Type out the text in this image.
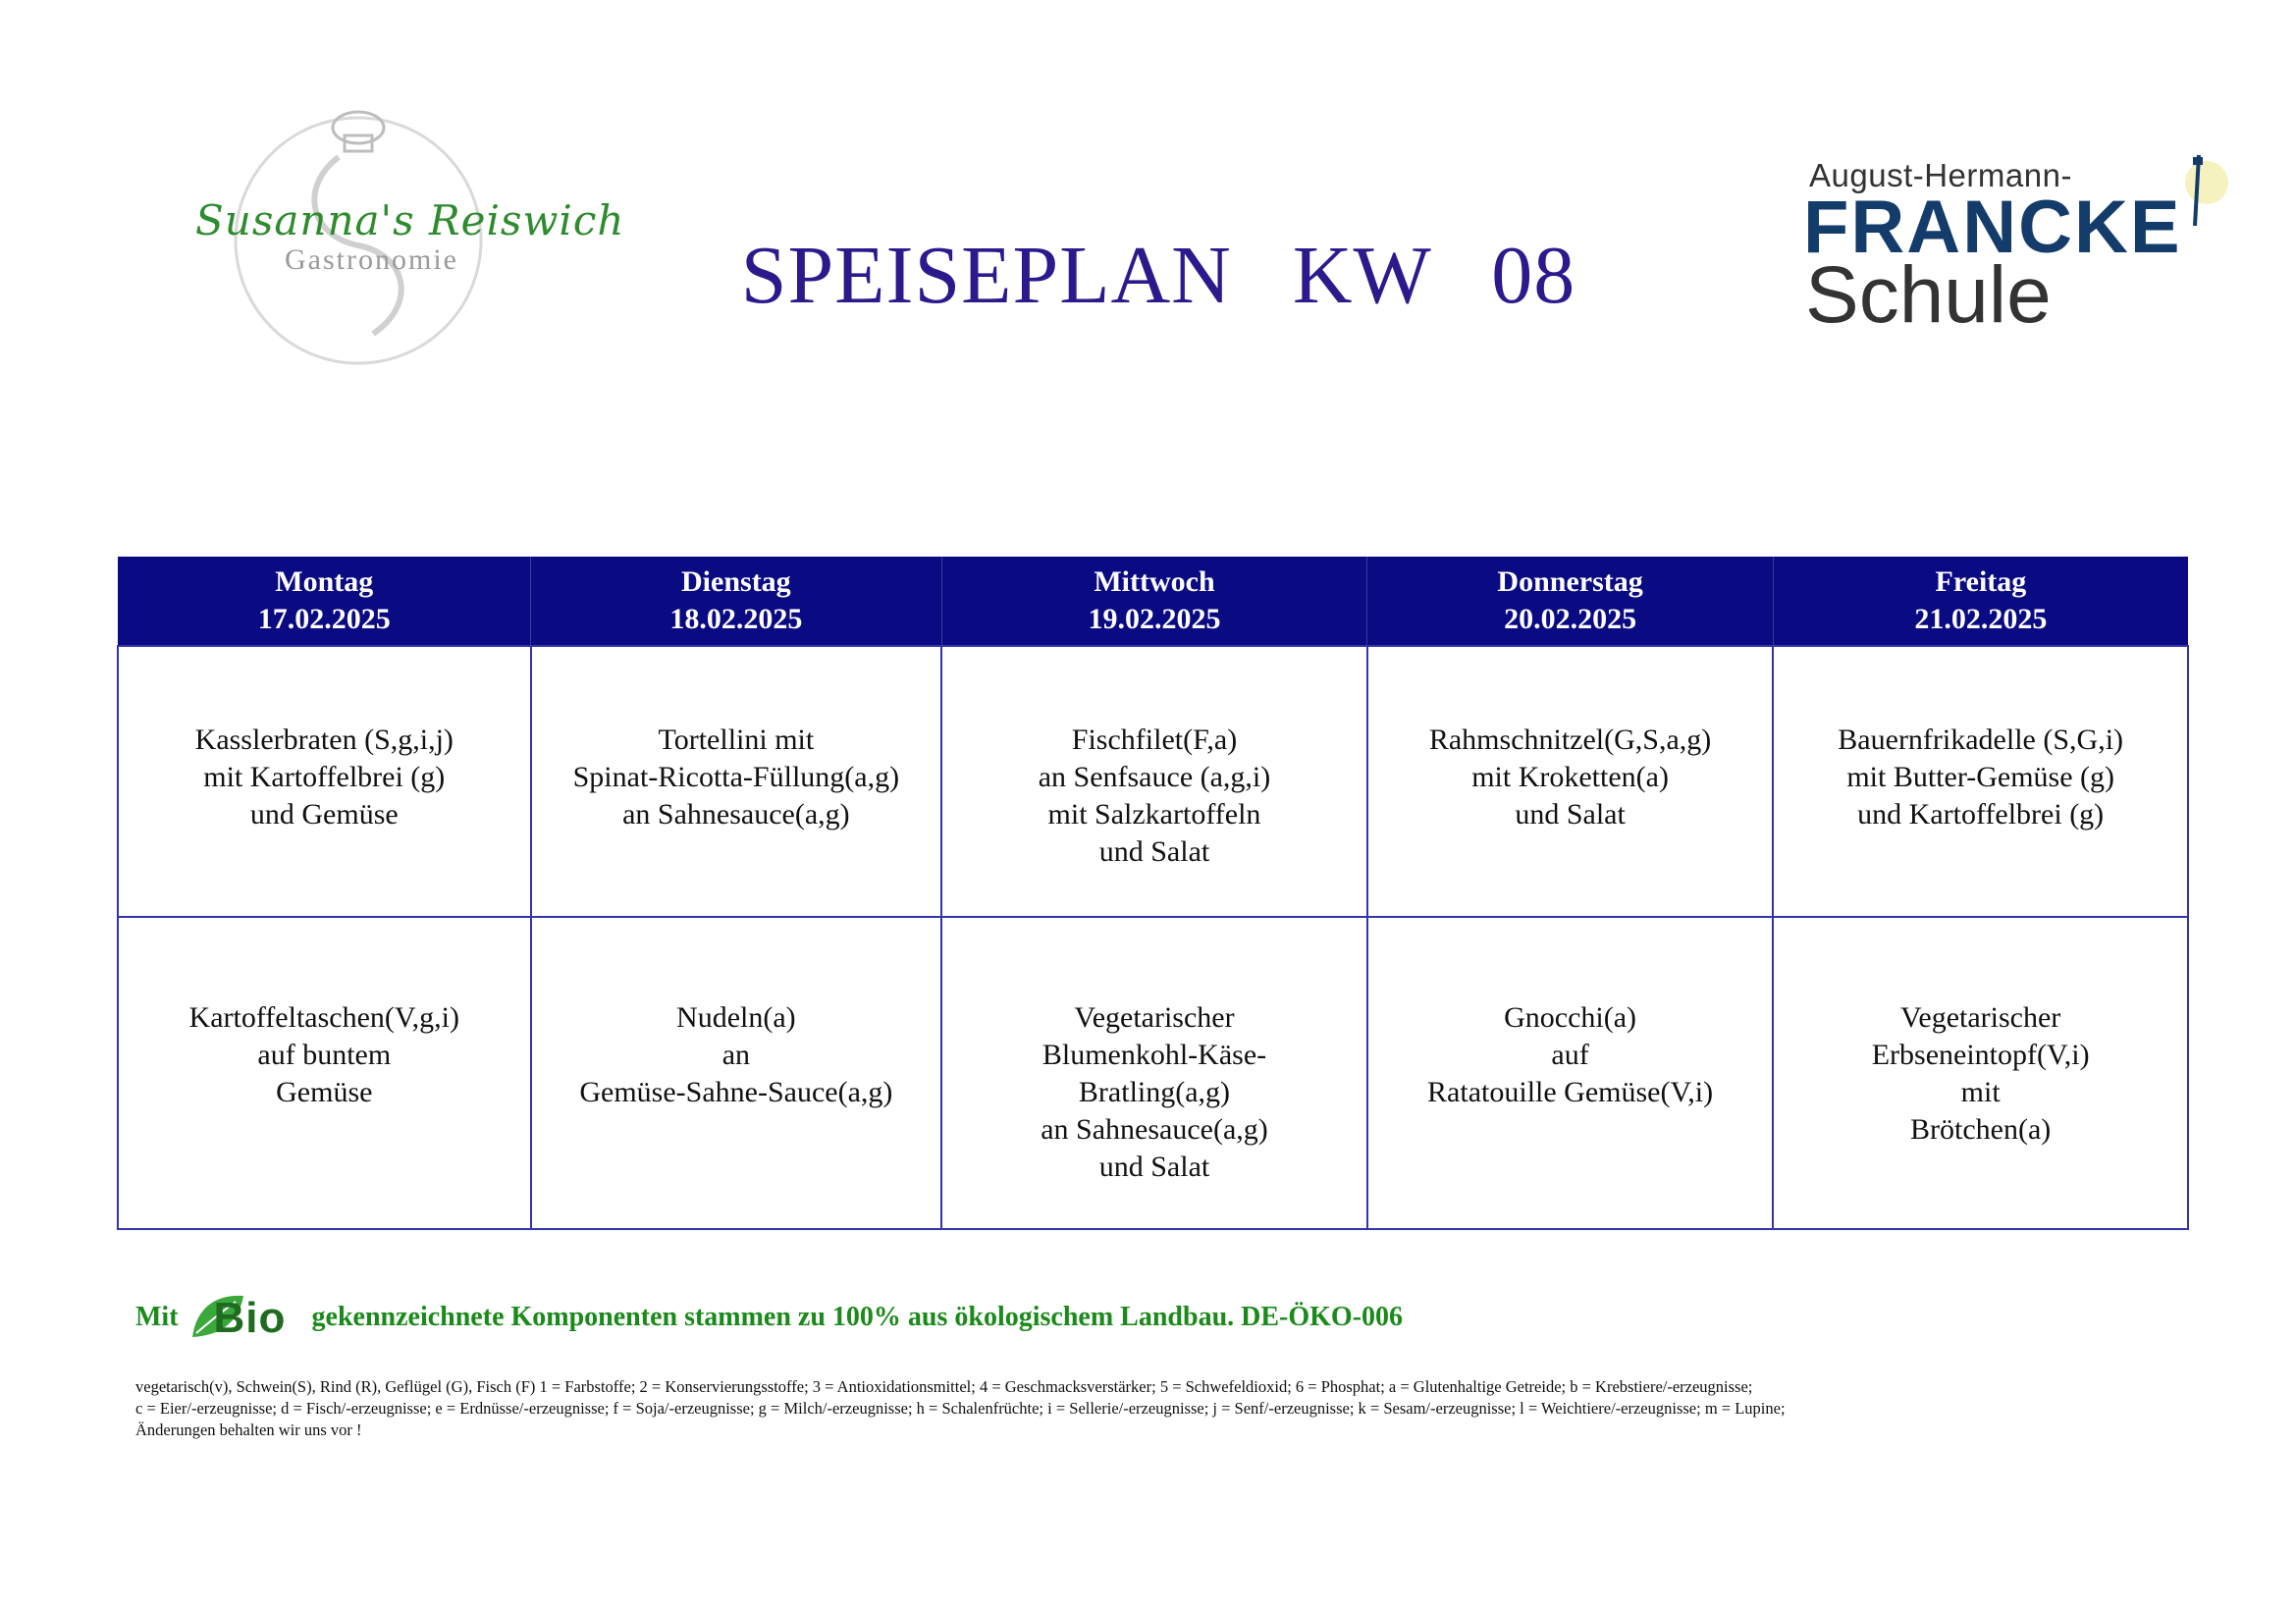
Susanna's Reiswich
Gastronomie	SPEISEPLAN KW 08
August-Hermann-
FRANCKE
Schule
Montag
17.02.2025	Dienstag
18.02.2025	Mittwoch
19.02.2025	Donnerstag
20.02.2025	Freitag
21.02.2025

Kasslerbraten (S,g,i,j)
mit Kartoffelbrei (g)
und Gemüse	Tortellini mit
Spinat-Ricotta-Füllung(a,g)
an Sahnesauce(a,g)	Fischfilet(F,a)
an Senfsauce (a,g,i)
mit Salzkartoffeln
und Salat	Rahmschnitzel(G,S,a,g)
mit Kroketten(a)
und Salat	Bauernfrikadelle (S,G,i)
mit Butter-Gemüse (g)
und Kartoffelbrei (g)

Kartoffeltaschen(V,g,i)
auf buntem
Gemüse	Nudeln(a)
an
Gemüse-Sahne-Sauce(a,g)	Vegetarischer
Blumenkohl-Käse-
Bratling(a,g)
an Sahnesauce(a,g)
und Salat	Gnocchi(a)
auf
Ratatouille Gemüse(V,i)	Vegetarischer
Erbseneintopf(V,i)
mit
Brötchen(a)
Mit Bio gekennzeichnete Komponenten stammen zu 100% aus ökologischem Landbau. DE-ÖKO-006
vegetarisch(v), Schwein(S), Rind (R), Geflügel (G), Fisch (F) 1 = Farbstoffe; 2 = Konservierungsstoffe; 3 = Antioxidationsmittel; 4 = Geschmacksverstärker; 5 = Schwefeldioxid; 6 = Phosphat; a = Glutenhaltige Getreide; b = Krebstiere/-erzeugnisse;
c = Eier/-erzeugnisse; d = Fisch/-erzeugnisse; e = Erdnüsse/-erzeugnisse; f = Soja/-erzeugnisse; g = Milch/-erzeugnisse; h = Schalenfrüchte; i = Sellerie/-erzeugnisse; j = Senf/-erzeugnisse; k = Sesam/-erzeugnisse; l = Weichtiere/-erzeugnisse; m = Lupine;
Änderungen behalten wir uns vor !
